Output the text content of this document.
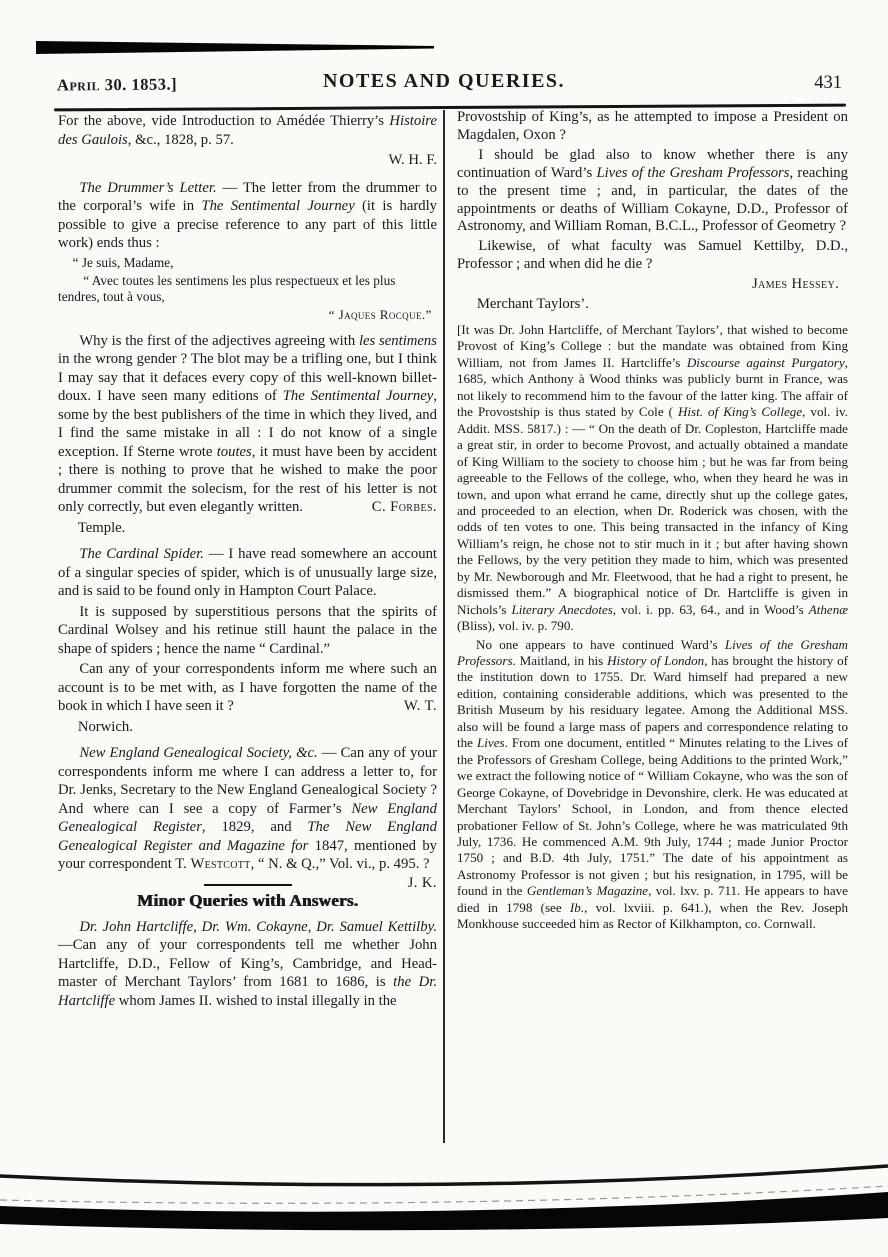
April 30. 1853.]	NOTES AND QUERIES.	431
For the above, vide Introduction to Amédée Thierry’s Histoire des Gaulois, &c., 1828, p. 57.
W. H. F.
The Drummer’s Letter. — The letter from the drummer to the corporal’s wife in The Sentimental Journey (it is hardly possible to give a precise reference to any part of this little work) ends thus :
“ Je suis, Madame,
“ Avec toutes les sentimens les plus respectueux et les plus tendres, tout à vous,
“ Jaques Rocque.”
Why is the first of the adjectives agreeing with les sentimens in the wrong gender ? The blot may be a trifling one, but I think I may say that it defaces every copy of this well-known billet-doux. I have seen many editions of The Sentimental Journey, some by the best publishers of the time in which they lived, and I find the same mistake in all : I do not know of a single exception. If Sterne wrote toutes, it must have been by accident ; there is nothing to prove that he wished to make the poor drummer commit the solecism, for the rest of his letter is not only correctly, but even elegantly written.	C. Forbes.
Temple.
The Cardinal Spider. — I have read somewhere an account of a singular species of spider, which is of unusually large size, and is said to be found only in Hampton Court Palace.
It is supposed by superstitious persons that the spirits of Cardinal Wolsey and his retinue still haunt the palace in the shape of spiders ; hence the name “ Cardinal.”
Can any of your correspondents inform me where such an account is to be met with, as I have forgotten the name of the book in which I have seen it ?	W. T.
Norwich.
New England Genealogical Society, &c. — Can any of your correspondents inform me where I can address a letter to, for Dr. Jenks, Secretary to the New England Genealogical Society ? And where can I see a copy of Farmer’s New England Genealogical Register, 1829, and The New England Genealogical Register and Magazine for 1847, mentioned by your correspondent T. Westcott, “ N. & Q.,” Vol. vi., p. 495. ?
J. K.
Minor Queries with Answers.
Dr. John Hartcliffe, Dr. Wm. Cokayne, Dr. Samuel Kettilby.—Can any of your correspondents tell me whether John Hartcliffe, D.D., Fellow of King’s, Cambridge, and Head-master of Merchant Taylors’ from 1681 to 1686, is the Dr. Hartcliffe whom James II. wished to instal illegally in the
Provostship of King’s, as he attempted to impose a President on Magdalen, Oxon ?
I should be glad also to know whether there is any continuation of Ward’s Lives of the Gresham Professors, reaching to the present time ; and, in particular, the dates of the appointments or deaths of William Cokayne, D.D., Professor of Astronomy, and William Roman, B.C.L., Professor of Geometry ?
Likewise, of what faculty was Samuel Kettilby, D.D., Professor ; and when did he die ?
James Hessey.
Merchant Taylors’.
[It was Dr. John Hartcliffe, of Merchant Taylors’, that wished to become Provost of King’s College : but the mandate was obtained from King William, not from James II. Hartcliffe’s Discourse against Purgatory, 1685, which Anthony à Wood thinks was publicly burnt in France, was not likely to recommend him to the favour of the latter king. The affair of the Provostship is thus stated by Cole ( Hist. of King’s College, vol. iv. Addit. MSS. 5817.) : — “ On the death of Dr. Copleston, Hartcliffe made a great stir, in order to become Provost, and actually obtained a mandate of King William to the society to choose him ; but he was far from being agreeable to the Fellows of the college, who, when they heard he was in town, and upon what errand he came, directly shut up the college gates, and proceeded to an election, when Dr. Roderick was chosen, with the odds of ten votes to one. This being transacted in the infancy of King William’s reign, he chose not to stir much in it ; but after having shown the Fellows, by the very petition they made to him, which was presented by Mr. Newborough and Mr. Fleetwood, that he had a right to present, he dismissed them.” A biographical notice of Dr. Hartcliffe is given in Nichols’s Literary Anecdotes, vol. i. pp. 63, 64., and in Wood’s Athenæ (Bliss), vol. iv. p. 790.
No one appears to have continued Ward’s Lives of the Gresham Professors. Maitland, in his History of London, has brought the history of the institution down to 1755. Dr. Ward himself had prepared a new edition, containing considerable additions, which was presented to the British Museum by his residuary legatee. Among the Additional MSS. also will be found a large mass of papers and correspondence relating to the Lives. From one document, entitled “ Minutes relating to the Lives of the Professors of Gresham College, being Additions to the printed Work,” we extract the following notice of “ William Cokayne, who was the son of George Cokayne, of Dovebridge in Devonshire, clerk. He was educated at Merchant Taylors’ School, in London, and from thence elected probationer Fellow of St. John’s College, where he was matriculated 9th July, 1736. He commenced A.M. 9th July, 1744 ; made Junior Proctor 1750 ; and B.D. 4th July, 1751.” The date of his appointment as Astronomy Professor is not given ; but his resignation, in 1795, will be found in the Gentleman’s Magazine, vol. lxv. p. 711. He appears to have died in 1798 (see Ib., vol. lxviii. p. 641.), when the Rev. Joseph Monkhouse succeeded him as Rector of Kilkhampton, co. Cornwall.
